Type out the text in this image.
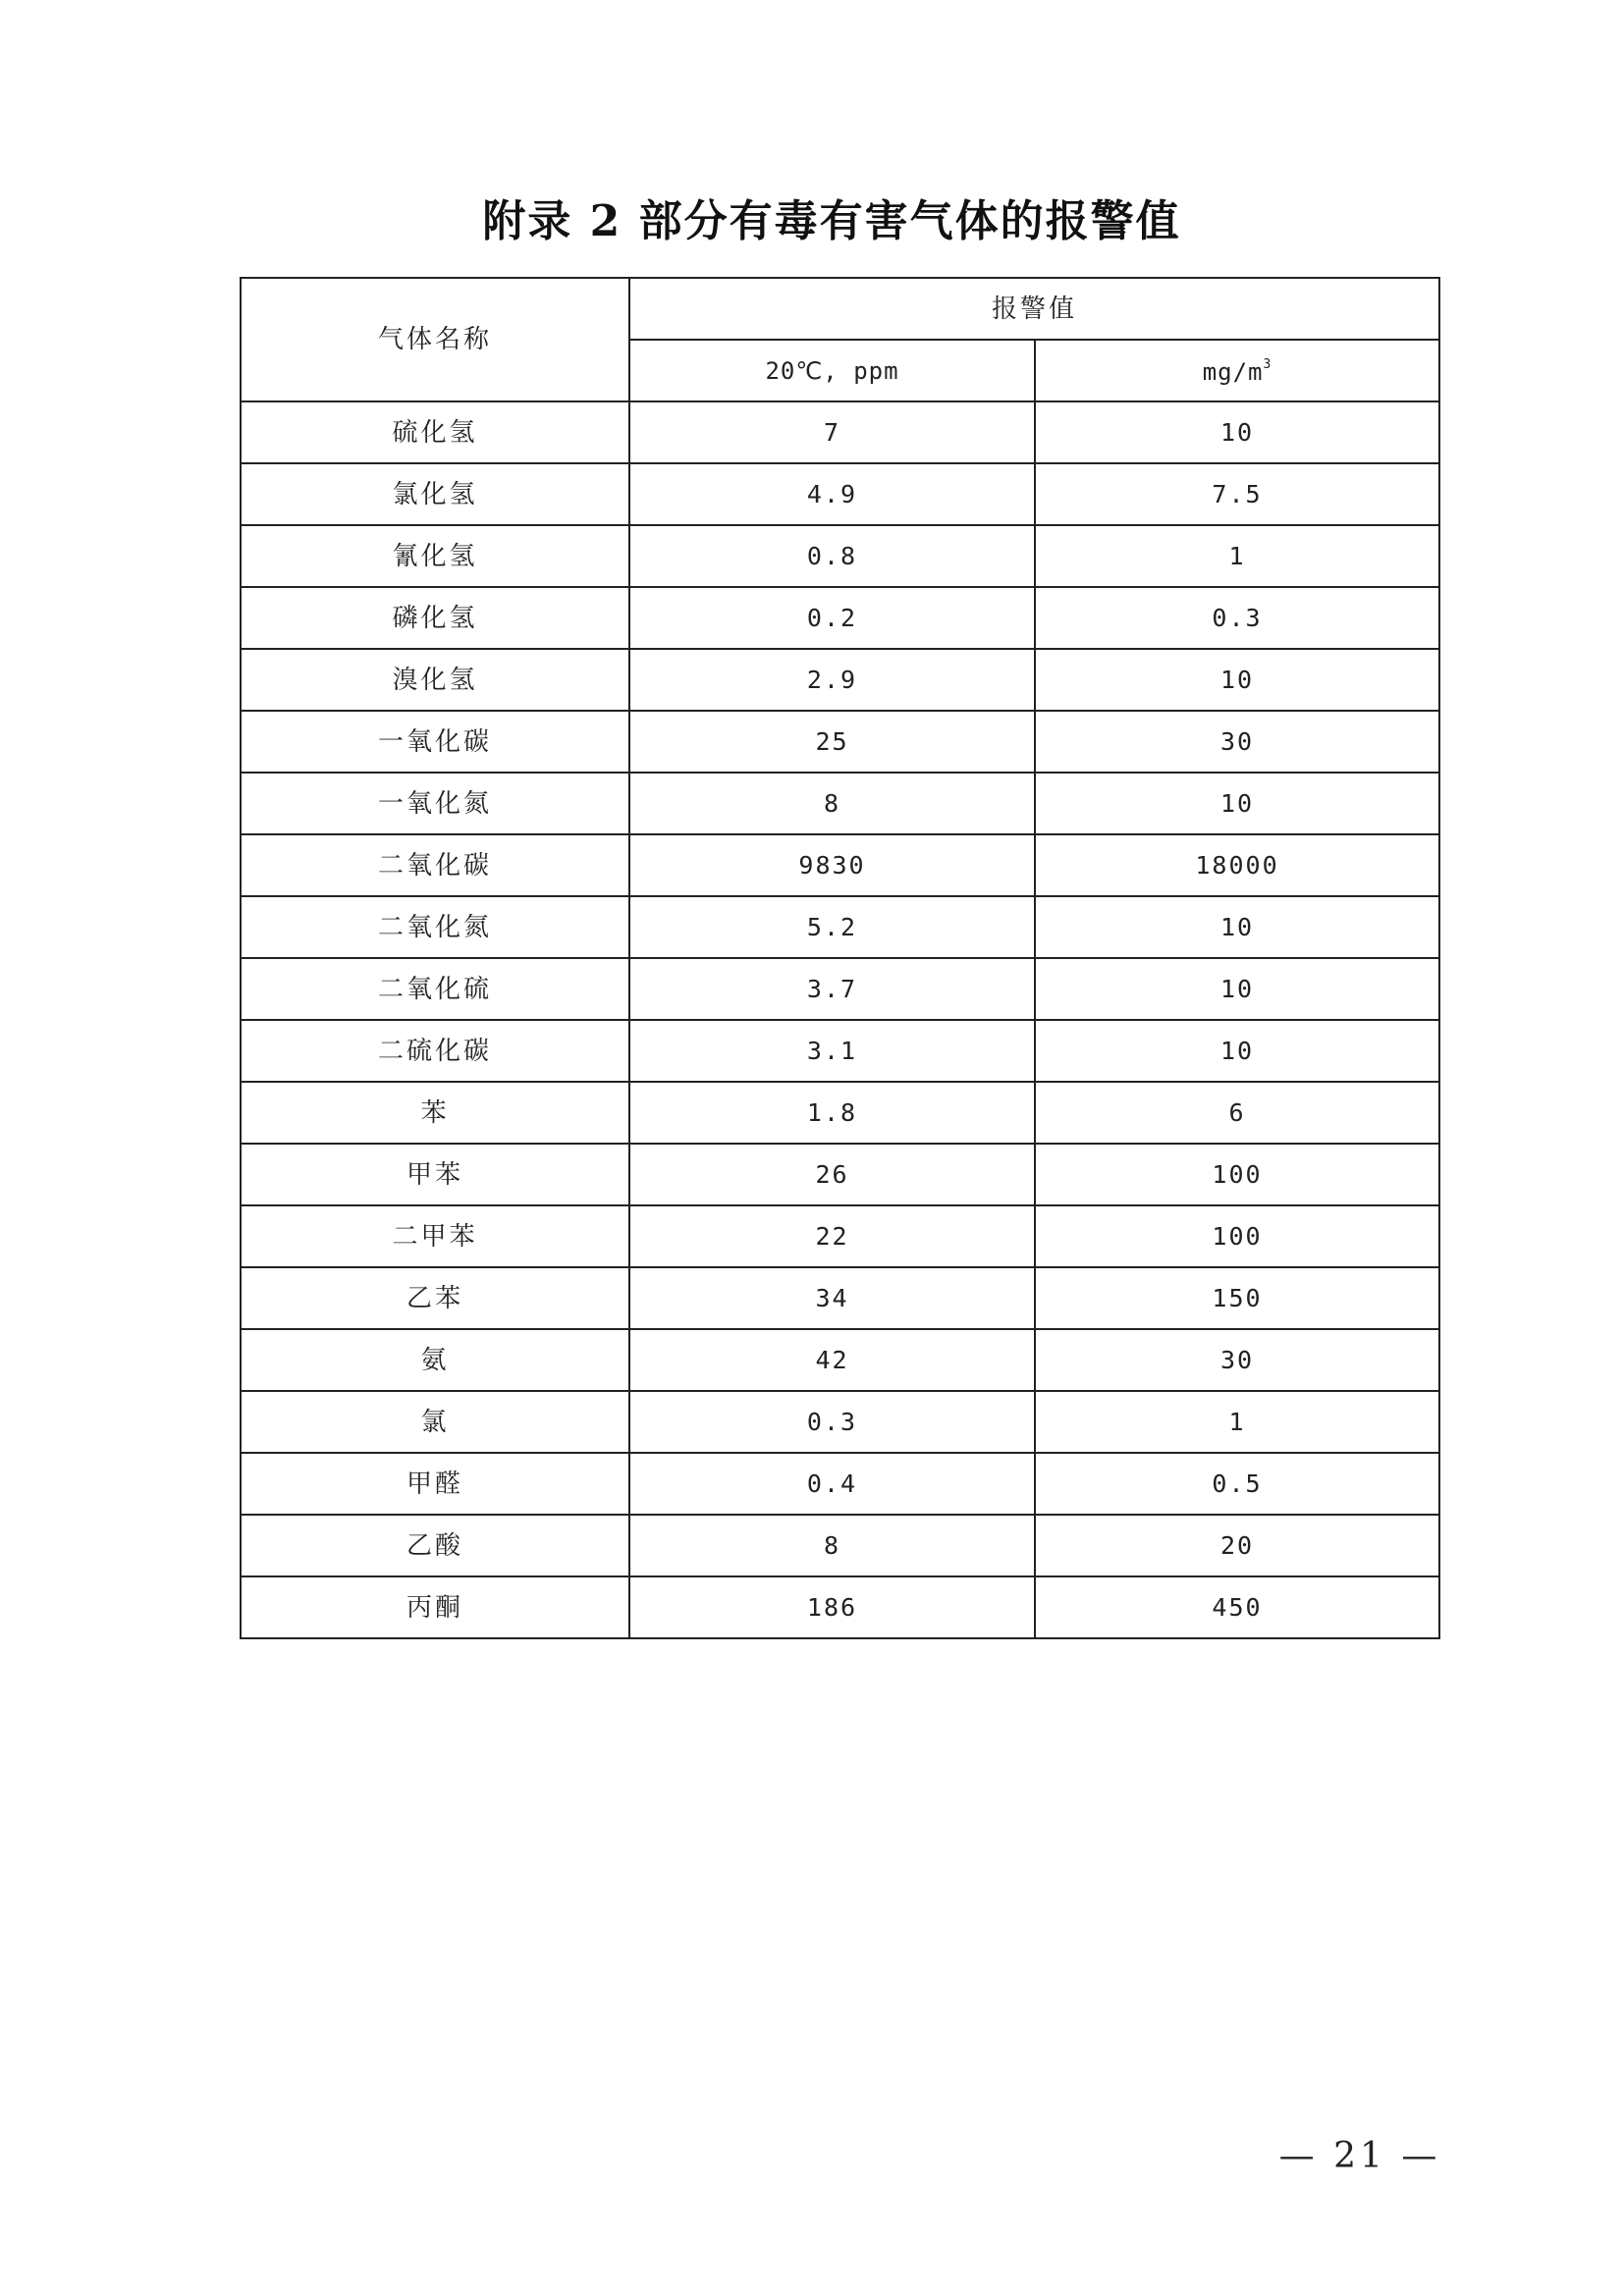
附录 2 部分有毒有害气体的报警值
气体名称	报警值	
	20℃, ppm	$mg/m^3$
硫化氢	7	10
氯化氢	4.9	7.5
氰化氢	0.8	1
磷化氢	0.2	0.3
溴化氢	2.9	10
一氧化碳	25	30
一氧化氮	8	10
二氧化碳	9830	18000
二氧化氮	5.2	10
二氧化硫	3.7	10
二硫化碳	3.1	10
苯	1.8	6
甲苯	26	100
二甲苯	22	100
乙苯	34	150
氨	42	30
氯	0.3	1
甲醛	0.4	0.5
乙酸	8	20
丙酮	186	450
— 21 —
